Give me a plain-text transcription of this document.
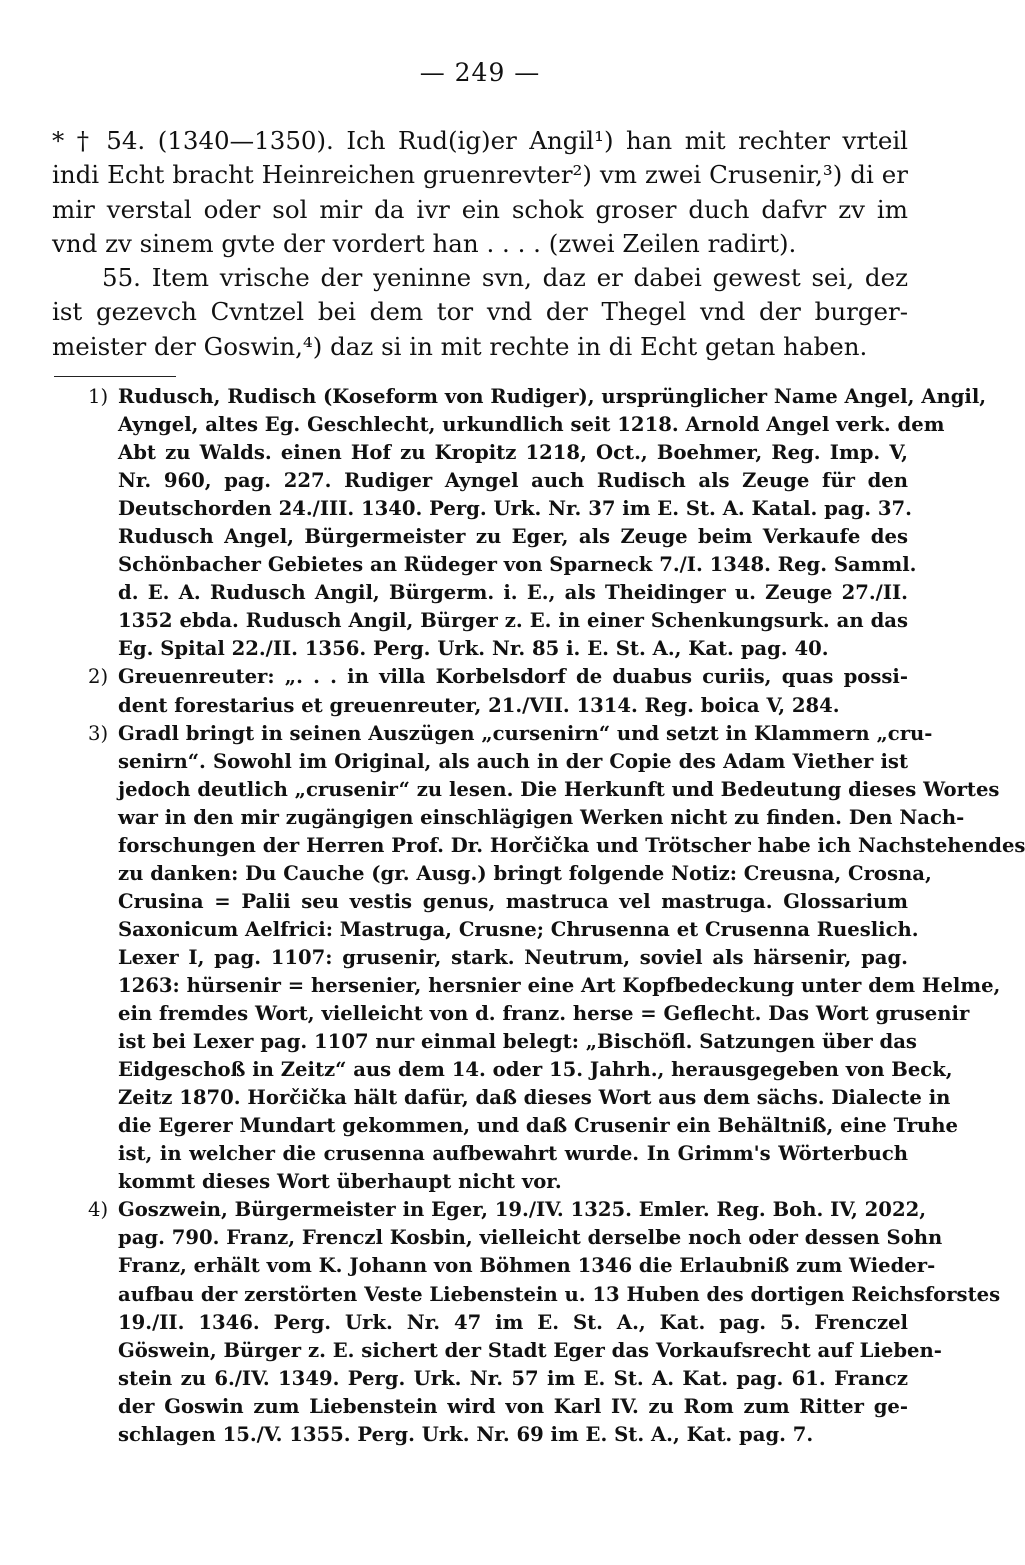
— 249 —
* † 54. (1340—1350). Ich Rud(ig)er Angil¹) han mit rechter vrteil
indi Echt bracht Heinreichen gruenrevter²) vm zwei Crusenir,³) di er
mir verstal oder sol mir da ivr ein schok groser duch dafvr zv im
vnd zv sinem gvte der vordert han . . . . (zwei Zeilen radirt).
55. Item vrische der yeninne svn, daz er dabei gewest sei, dez
ist gezevch Cvntzel bei dem tor vnd der Thegel vnd der burger-
meister der Goswin,⁴) daz si in mit rechte in di Echt getan haben.
1) Rudusch, Rudisch (Koseform von Rudiger), ursprünglicher Name Angel, Angil,
Ayngel, altes Eg. Geschlecht, urkundlich seit 1218. Arnold Angel verk. dem
Abt zu Walds. einen Hof zu Kropitz 1218, Oct., Boehmer, Reg. Imp. V,
Nr. 960, pag. 227. Rudiger Ayngel auch Rudisch als Zeuge für den
Deutschorden 24./III. 1340. Perg. Urk. Nr. 37 im E. St. A. Katal. pag. 37.
Rudusch Angel, Bürgermeister zu Eger, als Zeuge beim Verkaufe des
Schönbacher Gebietes an Rüdeger von Sparneck 7./I. 1348. Reg. Samml.
d. E. A. Rudusch Angil, Bürgerm. i. E., als Theidinger u. Zeuge 27./II.
1352 ebda. Rudusch Angil, Bürger z. E. in einer Schenkungsurk. an das
Eg. Spital 22./II. 1356. Perg. Urk. Nr. 85 i. E. St. A., Kat. pag. 40.
2) Greuenreuter: „. . . in villa Korbelsdorf de duabus curiis, quas possi-
dent forestarius et greuenreuter, 21./VII. 1314. Reg. boica V, 284.
3) Gradl bringt in seinen Auszügen „cursenirn“ und setzt in Klammern „cru-
senirn“. Sowohl im Original, als auch in der Copie des Adam Viether ist
jedoch deutlich „crusenir“ zu lesen. Die Herkunft und Bedeutung dieses Wortes
war in den mir zugängigen einschlägigen Werken nicht zu finden. Den Nach-
forschungen der Herren Prof. Dr. Horčička und Trötscher habe ich Nachstehendes
zu danken: Du Cauche (gr. Ausg.) bringt folgende Notiz: Creusna, Crosna,
Crusina = Palii seu vestis genus, mastruca vel mastruga. Glossarium
Saxonicum Aelfrici: Mastruga, Crusne; Chrusenna et Crusenna Rueslich.
Lexer I, pag. 1107: grusenir, stark. Neutrum, soviel als härsenir, pag.
1263: hürsenir = hersenier, hersnier eine Art Kopfbedeckung unter dem Helme,
ein fremdes Wort, vielleicht von d. franz. herse = Geflecht. Das Wort grusenir
ist bei Lexer pag. 1107 nur einmal belegt: „Bischöfl. Satzungen über das
Eidgeschoß in Zeitz“ aus dem 14. oder 15. Jahrh., herausgegeben von Beck,
Zeitz 1870. Horčička hält dafür, daß dieses Wort aus dem sächs. Dialecte in
die Egerer Mundart gekommen, und daß Crusenir ein Behältniß, eine Truhe
ist, in welcher die crusenna aufbewahrt wurde. In Grimm's Wörterbuch
kommt dieses Wort überhaupt nicht vor.
4) Goszwein, Bürgermeister in Eger, 19./IV. 1325. Emler. Reg. Boh. IV, 2022,
pag. 790. Franz, Frenczl Kosbin, vielleicht derselbe noch oder dessen Sohn
Franz, erhält vom K. Johann von Böhmen 1346 die Erlaubniß zum Wieder-
aufbau der zerstörten Veste Liebenstein u. 13 Huben des dortigen Reichsforstes
19./II. 1346. Perg. Urk. Nr. 47 im E. St. A., Kat. pag. 5. Frenczel
Göswein, Bürger z. E. sichert der Stadt Eger das Vorkaufsrecht auf Lieben-
stein zu 6./IV. 1349. Perg. Urk. Nr. 57 im E. St. A. Kat. pag. 61. Francz
der Goswin zum Liebenstein wird von Karl IV. zu Rom zum Ritter ge-
schlagen 15./V. 1355. Perg. Urk. Nr. 69 im E. St. A., Kat. pag. 7.
